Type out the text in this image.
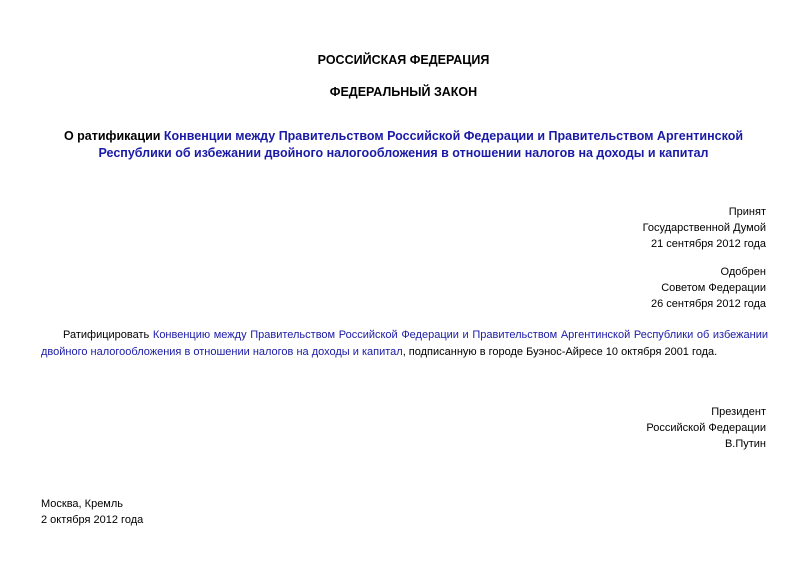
РОССИЙСКАЯ ФЕДЕРАЦИЯ
ФЕДЕРАЛЬНЫЙ ЗАКОН
О ратификации Конвенции между Правительством Российской Федерации и Правительством Аргентинской Республики об избежании двойного налогообложения в отношении налогов на доходы и капитал
Принят
Государственной Думой
21 сентября 2012 года
Одобрен
Советом Федерации
26 сентября 2012 года
Ратифицировать Конвенцию между Правительством Российской Федерации и Правительством Аргентинской Республики об избежании двойного налогообложения в отношении налогов на доходы и капитал, подписанную в городе Буэнос-Айресе 10 октября 2001 года.
Президент
Российской Федерации
В.Путин
Москва, Кремль
2 октября 2012 года
